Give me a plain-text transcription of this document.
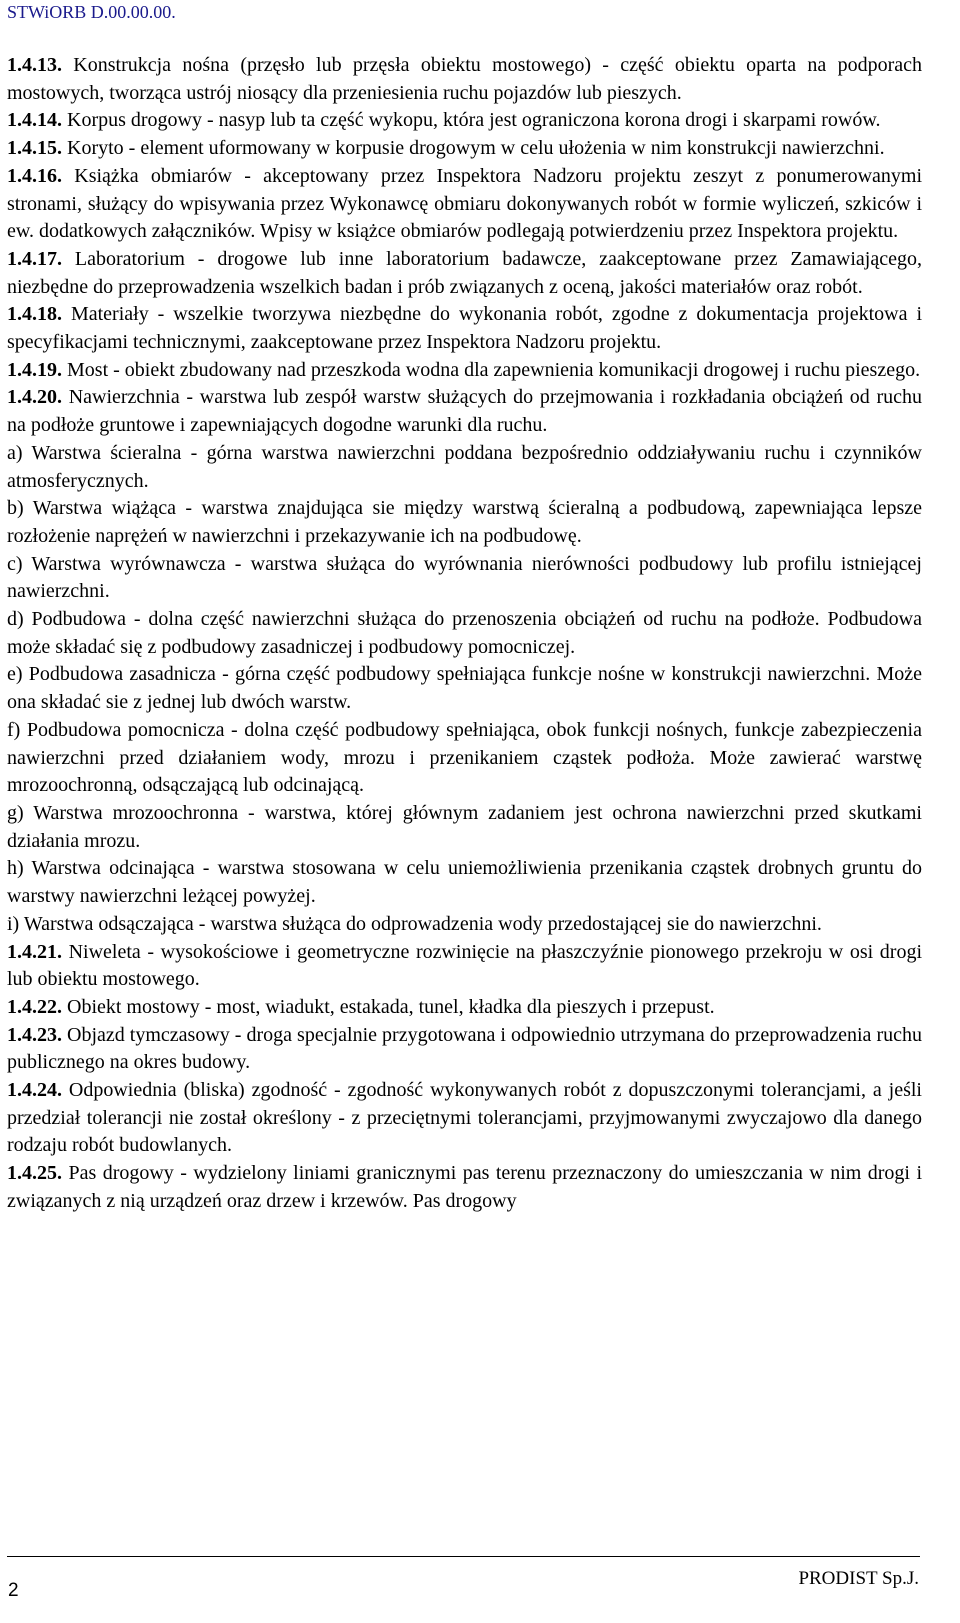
STWiORB D.00.00.00.

1.4.13. Konstrukcja nośna (przęsło lub przęsła obiektu mostowego) - część obiektu oparta na podporach mostowych, tworząca ustrój niosący dla przeniesienia ruchu pojazdów lub pieszych.

1.4.14. Korpus drogowy - nasyp lub ta część wykopu, która jest ograniczona korona drogi i skarpami rowów.

1.4.15. Koryto - element uformowany w korpusie drogowym w celu ułożenia w nim konstrukcji nawierzchni.

1.4.16. Książka obmiarów - akceptowany przez Inspektora Nadzoru projektu zeszyt z ponumerowanymi stronami, służący do wpisywania przez Wykonawcę obmiaru dokonywanych robót w formie wyliczeń, szkiców i ew. dodatkowych załączników. Wpisy w książce obmiarów podlegają potwierdzeniu przez Inspektora projektu.

1.4.17. Laboratorium - drogowe lub inne laboratorium badawcze, zaakceptowane przez Zamawiającego, niezbędne do przeprowadzenia wszelkich badan i prób związanych z oceną, jakości materiałów oraz robót.

1.4.18. Materiały - wszelkie tworzywa niezbędne do wykonania robót, zgodne z dokumentacja projektowa i specyfikacjami technicznymi, zaakceptowane przez Inspektora Nadzoru projektu.

1.4.19. Most - obiekt zbudowany nad przeszkoda wodna dla zapewnienia komunikacji drogowej i ruchu pieszego.

1.4.20. Nawierzchnia - warstwa lub zespół warstw służących do przejmowania i rozkładania obciążeń od ruchu na podłoże gruntowe i zapewniających dogodne warunki dla ruchu.

a) Warstwa ścieralna - górna warstwa nawierzchni poddana bezpośrednio oddziaływaniu ruchu i czynników atmosferycznych.

b) Warstwa wiążąca - warstwa znajdująca sie między warstwą ścieralną a podbudową, zapewniająca lepsze rozłożenie naprężeń w nawierzchni i przekazywanie ich na podbudowę.

c) Warstwa wyrównawcza - warstwa służąca do wyrównania nierówności podbudowy lub profilu istniejącej nawierzchni.

d) Podbudowa - dolna część nawierzchni służąca do przenoszenia obciążeń od ruchu na podłoże. Podbudowa może składać się z podbudowy zasadniczej i podbudowy pomocniczej.

e) Podbudowa zasadnicza - górna część podbudowy spełniająca funkcje nośne w konstrukcji nawierzchni. Może ona składać sie z jednej lub dwóch warstw.

f) Podbudowa pomocnicza - dolna część podbudowy spełniająca, obok funkcji nośnych, funkcje zabezpieczenia nawierzchni przed działaniem wody, mrozu i przenikaniem cząstek podłoża. Może zawierać warstwę mrozoochronną, odsączającą lub odcinającą.

g) Warstwa mrozoochronna - warstwa, której głównym zadaniem jest ochrona nawierzchni przed skutkami działania mrozu.

h) Warstwa odcinająca - warstwa stosowana w celu uniemożliwienia przenikania cząstek drobnych gruntu do warstwy nawierzchni leżącej powyżej.

i) Warstwa odsączająca - warstwa służąca do odprowadzenia wody przedostającej sie do nawierzchni.

1.4.21. Niweleta - wysokościowe i geometryczne rozwinięcie na płaszczyźnie pionowego przekroju w osi drogi lub obiektu mostowego.

1.4.22. Obiekt mostowy - most, wiadukt, estakada, tunel, kładka dla pieszych i przepust.

1.4.23. Objazd tymczasowy - droga specjalnie przygotowana i odpowiednio utrzymana do przeprowadzenia ruchu publicznego na okres budowy.

1.4.24. Odpowiednia (bliska) zgodność - zgodność wykonywanych robót z dopuszczonymi tolerancjami, a jeśli przedział tolerancji nie został określony - z przeciętnymi tolerancjami, przyjmowanymi zwyczajowo dla danego rodzaju robót budowlanych.

1.4.25. Pas drogowy - wydzielony liniami granicznymi pas terenu przeznaczony do umieszczania w nim drogi i związanych z nią urządzeń oraz drzew i krzewów. Pas drogowy

2
PRODIST Sp.J.
